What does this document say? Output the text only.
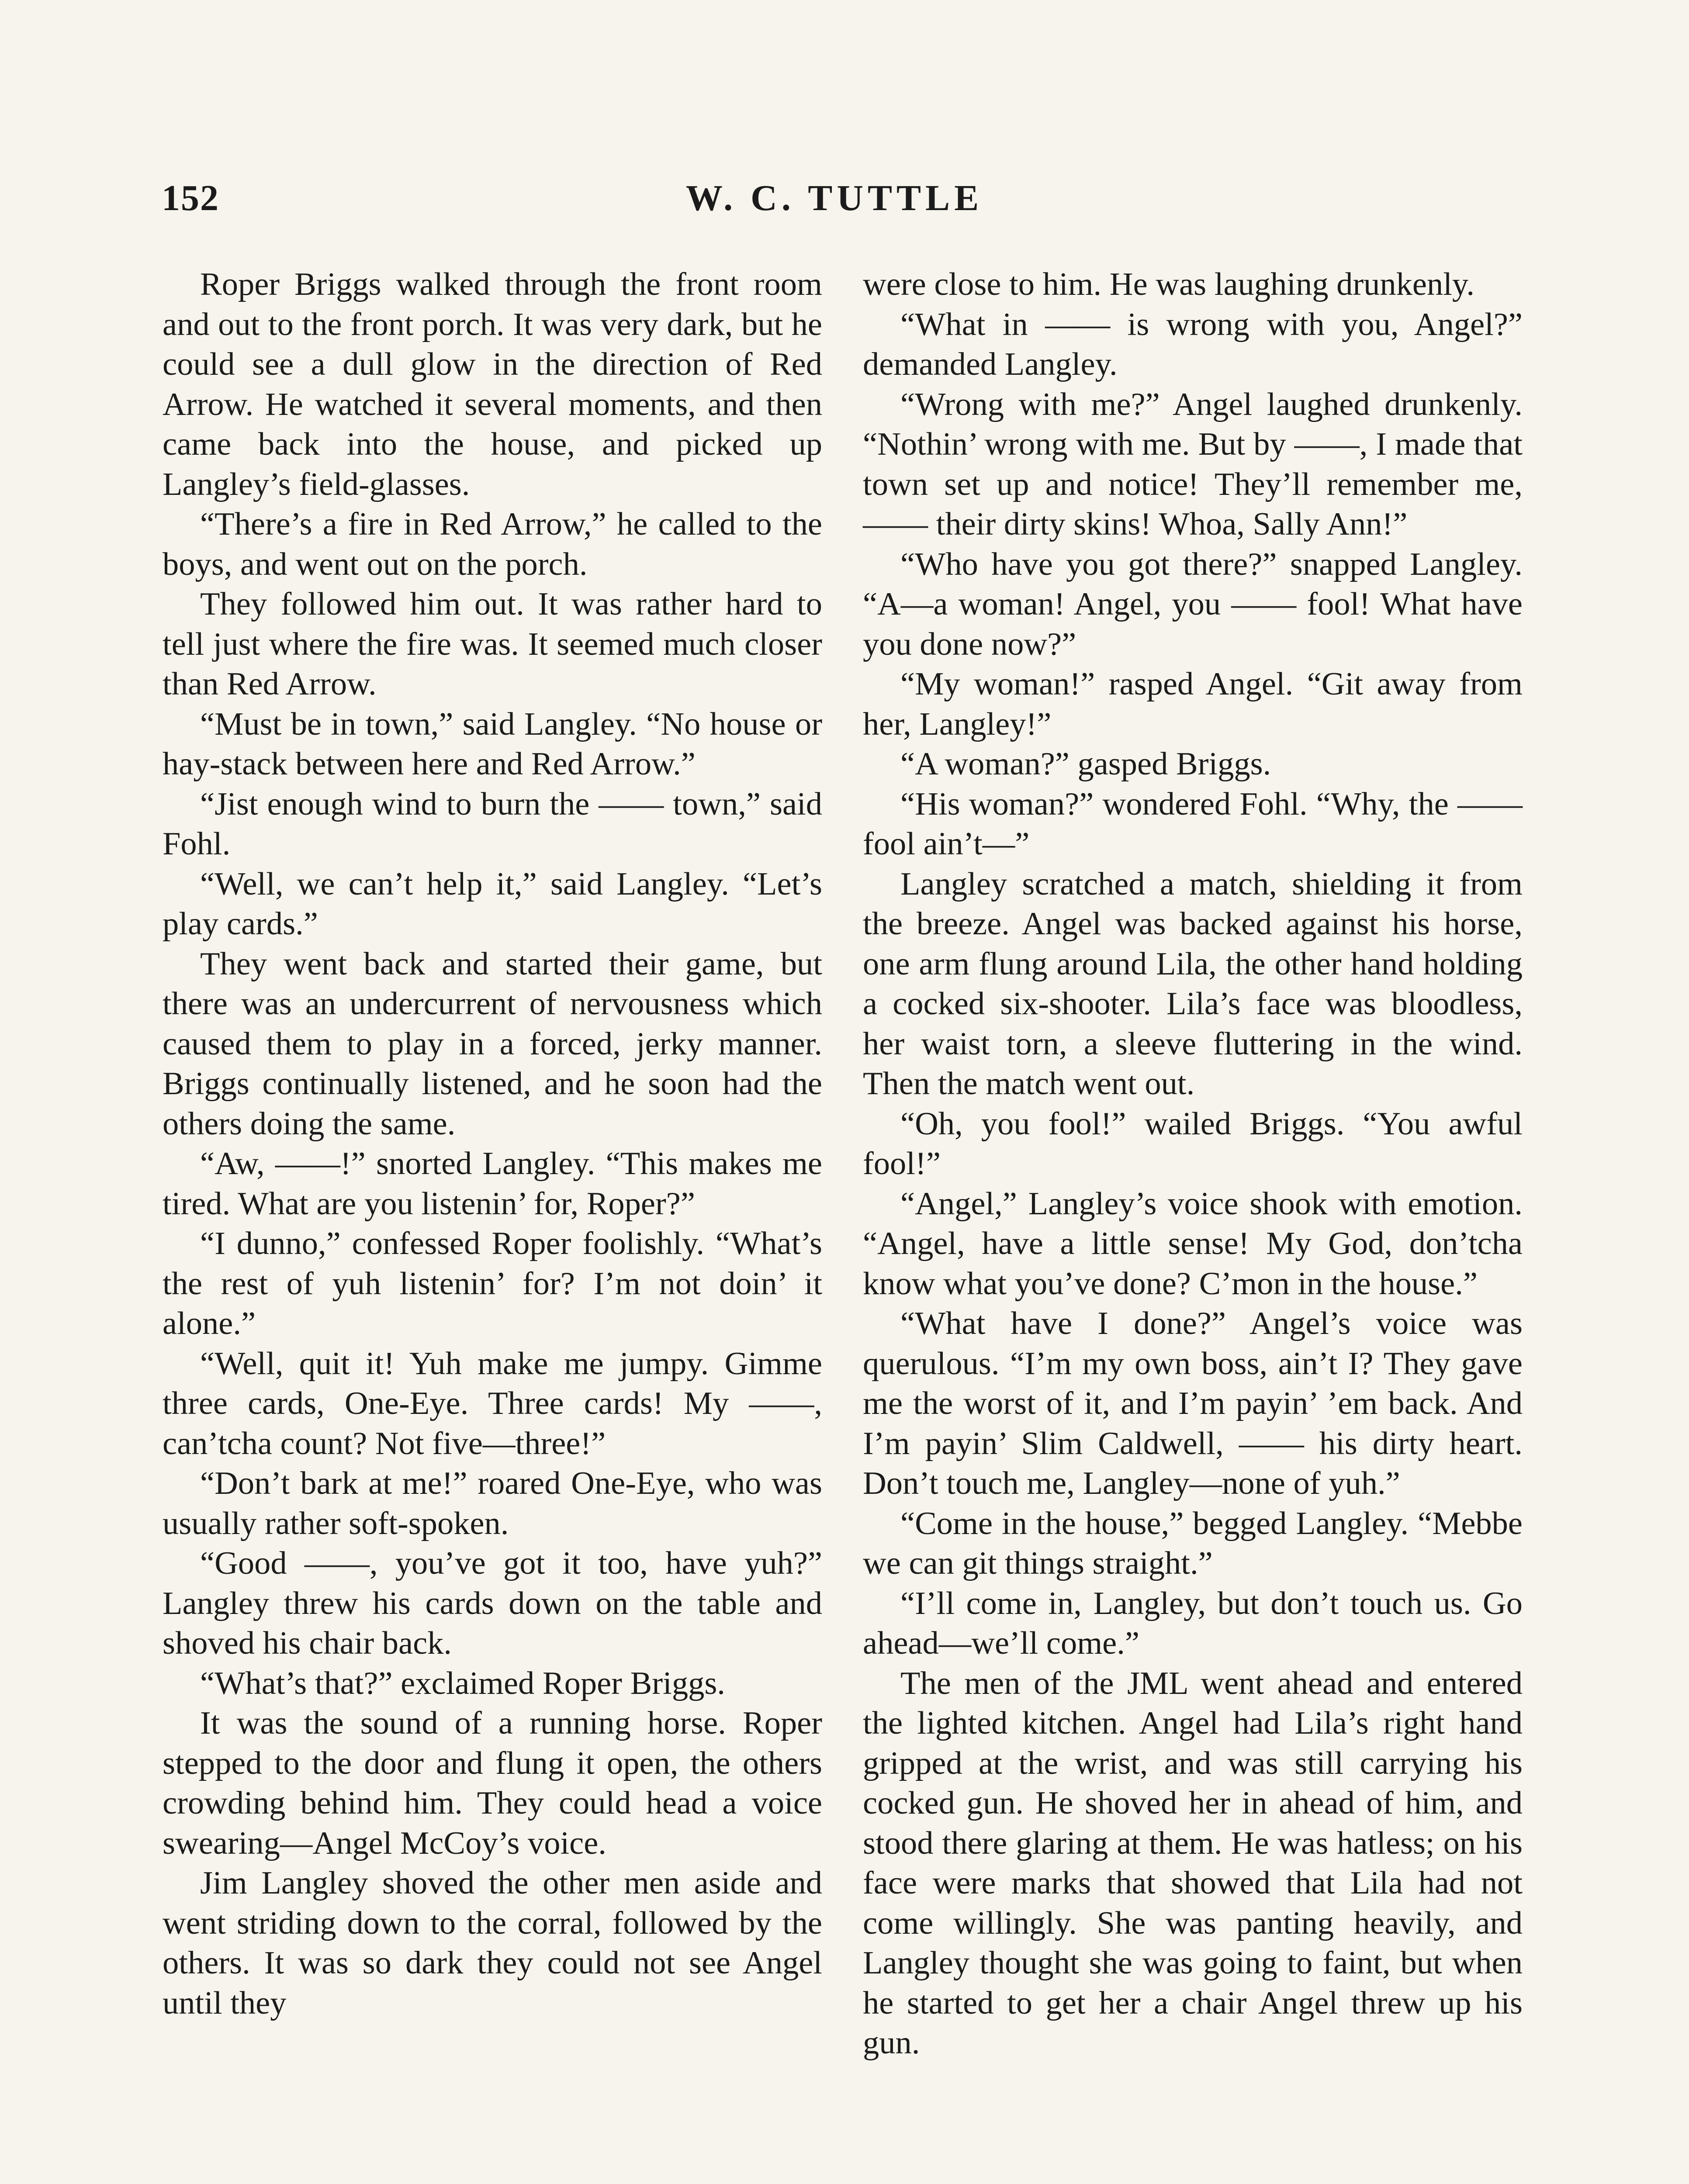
152	W. C. TUTTLE

Roper Briggs walked through the front room and out to the front porch. It was very dark, but he could see a dull glow in the direction of Red Arrow. He watched it several moments, and then came back into the house, and picked up Langley’s field-glasses.

“There’s a fire in Red Arrow,” he called to the boys, and went out on the porch.

They followed him out. It was rather hard to tell just where the fire was. It seemed much closer than Red Arrow.

“Must be in town,” said Langley. “No house or hay-stack between here and Red Arrow.”

“Jist enough wind to burn the —— town,” said Fohl.

“Well, we can’t help it,” said Langley. “Let’s play cards.”

They went back and started their game, but there was an undercurrent of nervousness which caused them to play in a forced, jerky manner. Briggs continually listened, and he soon had the others doing the same.

“Aw, ——!” snorted Langley. “This makes me tired. What are you listenin’ for, Roper?”

“I dunno,” confessed Roper foolishly. “What’s the rest of yuh listenin’ for? I’m not doin’ it alone.”

“Well, quit it! Yuh make me jumpy. Gimme three cards, One-Eye. Three cards! My ——, can’tcha count? Not five—three!”

“Don’t bark at me!” roared One-Eye, who was usually rather soft-spoken.

“Good ——, you’ve got it too, have yuh?” Langley threw his cards down on the table and shoved his chair back.

“What’s that?” exclaimed Roper Briggs.

It was the sound of a running horse. Roper stepped to the door and flung it open, the others crowding behind him. They could head a voice swearing—Angel McCoy’s voice.

Jim Langley shoved the other men aside and went striding down to the corral, followed by the others. It was so dark they could not see Angel until they

were close to him. He was laughing drunkenly.

“What in —— is wrong with you, Angel?” demanded Langley.

“Wrong with me?” Angel laughed drunkenly. “Nothin’ wrong with me. But by ——, I made that town set up and notice! They’ll remember me, —— their dirty skins! Whoa, Sally Ann!”

“Who have you got there?” snapped Langley. “A—a woman! Angel, you —— fool! What have you done now?”

“My woman!” rasped Angel. “Git away from her, Langley!”

“A woman?” gasped Briggs.

“His woman?” wondered Fohl. “Why, the —— fool ain’t—”

Langley scratched a match, shielding it from the breeze. Angel was backed against his horse, one arm flung around Lila, the other hand holding a cocked six-shooter. Lila’s face was bloodless, her waist torn, a sleeve fluttering in the wind. Then the match went out.

“Oh, you fool!” wailed Briggs. “You awful fool!”

“Angel,” Langley’s voice shook with emotion. “Angel, have a little sense! My God, don’tcha know what you’ve done? C’mon in the house.”

“What have I done?” Angel’s voice was querulous. “I’m my own boss, ain’t I? They gave me the worst of it, and I’m payin’ ’em back. And I’m payin’ Slim Caldwell, —— his dirty heart. Don’t touch me, Langley—none of yuh.”

“Come in the house,” begged Langley. “Mebbe we can git things straight.”

“I’ll come in, Langley, but don’t touch us. Go ahead—we’ll come.”

The men of the JML went ahead and entered the lighted kitchen. Angel had Lila’s right hand gripped at the wrist, and was still carrying his cocked gun. He shoved her in ahead of him, and stood there glaring at them. He was hatless; on his face were marks that showed that Lila had not come willingly. She was panting heavily, and Langley thought she was going to faint, but when he started to get her a chair Angel threw up his gun.
